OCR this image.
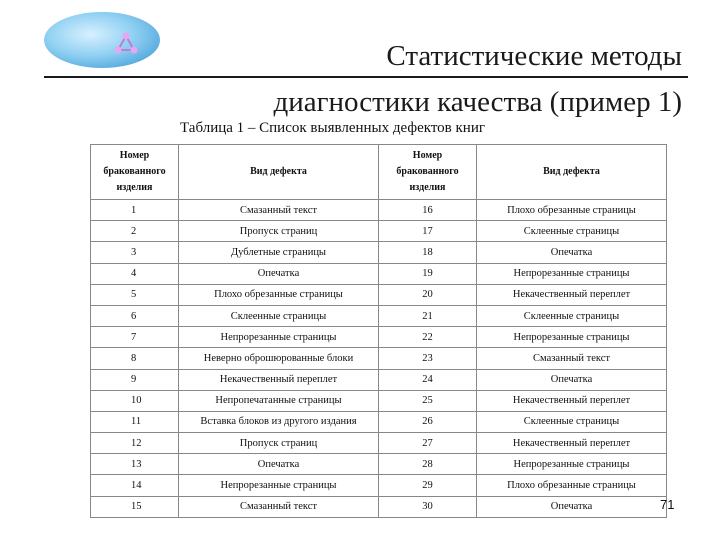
Статистические методы
диагностики качества (пример 1)
Таблица 1 – Список выявленных дефектов книг
Номер бракованного изделия	Вид дефекта	Номер бракованного изделия	Вид дефекта
1	Смазанный текст	16	Плохо обрезанные страницы
2	Пропуск страниц	17	Склеенные страницы
3	Дублетные страницы	18	Опечатка
4	Опечатка	19	Непрорезанные страницы
5	Плохо обрезанные страницы	20	Некачественный переплет
6	Склеенные страницы	21	Склеенные страницы
7	Непрорезанные страницы	22	Непрорезанные страницы
8	Неверно оброшюрованные блоки	23	Смазанный текст
9	Некачественный переплет	24	Опечатка
10	Непропечатанные страницы	25	Некачественный переплет
11	Вставка блоков из другого издания	26	Склеенные страницы
12	Пропуск страниц	27	Некачественный переплет
13	Опечатка	28	Непрорезанные страницы
14	Непрорезанные страницы	29	Плохо обрезанные страницы
15	Смазанный текст	30	Опечатка	71
